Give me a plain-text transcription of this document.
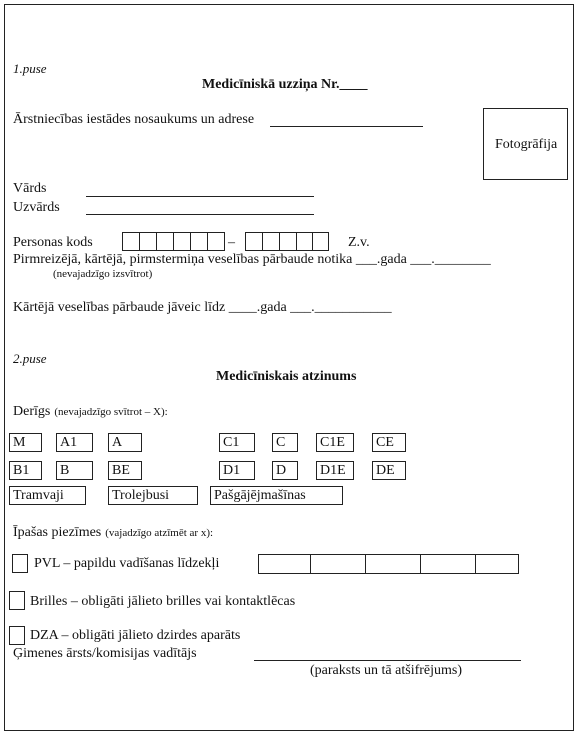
1.puse
Medicīniskā uzziņa Nr.____
Ārstniecības iestādes nosaukums un adrese
Fotogrāfija
Vārds
Uzvārds
Personas kods	–	Z.v.
Pirmreizējā, kārtējā, pirmstermiņa veselības pārbaude notika ___.gada ___.________
(nevajadzīgo izsvītrot)
Kārtējā veselības pārbaude jāveic līdz ____.gada ___.___________
2.puse
Medicīniskais atzinums
Derīgs (nevajadzīgo svītrot – X):
M	A1	A	C1	C	C1E	CE
B1	B	BE	D1	D	D1E	DE
Tramvaji	Trolejbusi	Pašgājējmašīnas
Īpašas piezīmes (vajadzīgo atzīmēt ar x):
PVL – papildu vadīšanas līdzekļi
Brilles – obligāti jālieto brilles vai kontaktlēcas
DZA – obligāti jālieto dzirdes aparāts
Ģimenes ārsts/komisijas vadītājs
(paraksts un tā atšifrējums)
